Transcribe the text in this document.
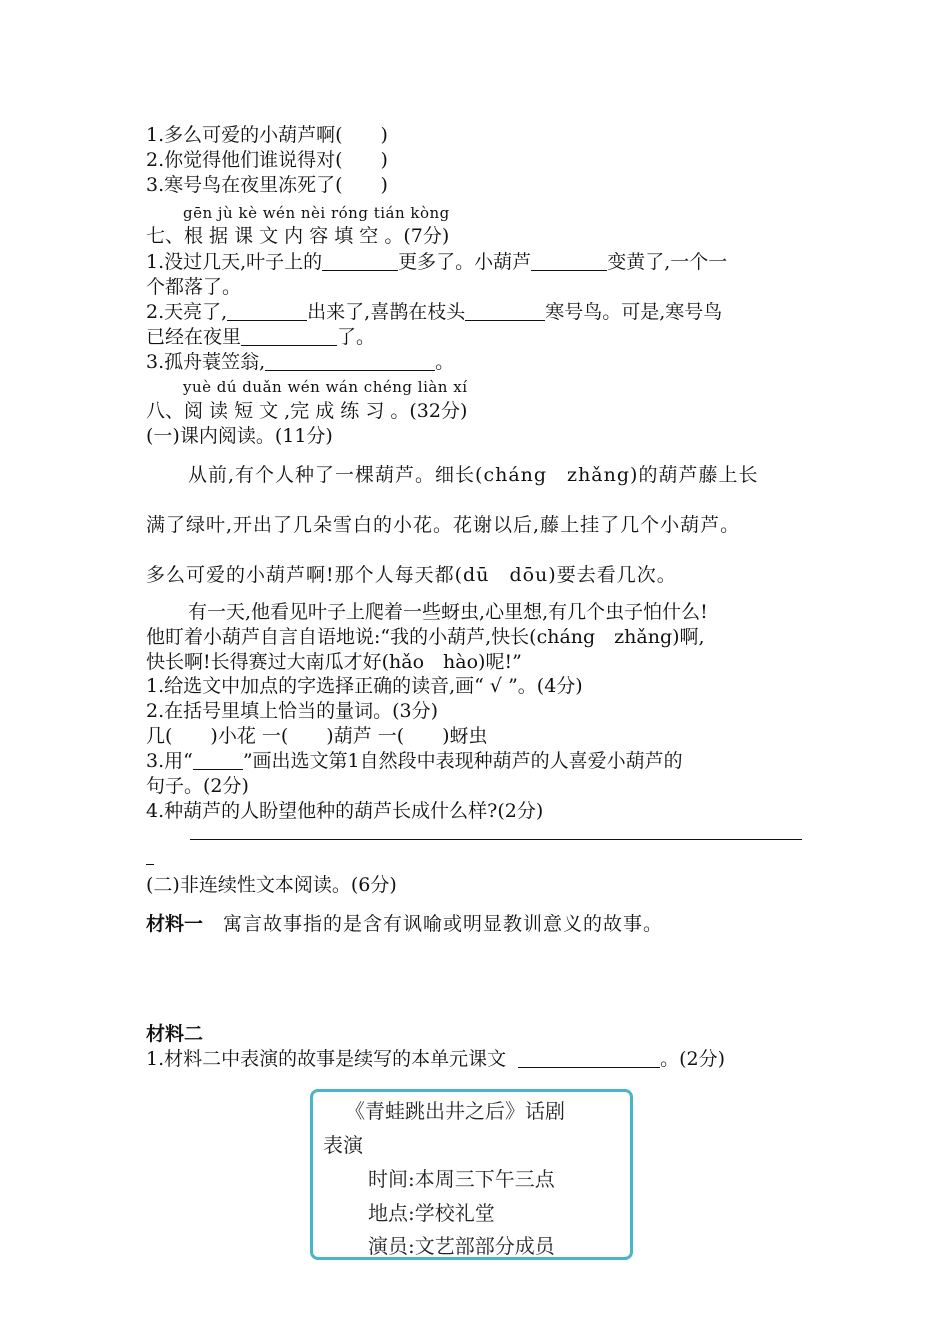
1.多么可爱的小葫芦啊(　　)
2.你觉得他们谁说得对(　　)
3.寒号鸟在夜里冻死了(　　)
gēn jù kè wén nèi róng tián kòng
七、根 据 课 文 内 容 填 空 。(7分)
1.没过几天,叶子上的	更多了。小葫芦	变黄了,一个一
个都落了。
2.天亮了,	出来了,喜鹊在枝头	寒号鸟。可是,寒号鸟
已经在夜里	了。
3.孤舟蓑笠翁,	。
yuè dú duǎn wén wán chéng liàn xí
八、阅 读 短 文 ,完 成 练 习 。(32分)
(一)课内阅读。(11分)
从前,有个人种了一棵葫芦。细长(cháng　zhǎng)的葫芦藤上长
满了绿叶,开出了几朵雪白的小花。花谢以后,藤上挂了几个小葫芦。
多么可爱的小葫芦啊!那个人每天都(dū　dōu)要去看几次。
有一天,他看见叶子上爬着一些蚜虫,心里想,有几个虫子怕什么!
他盯着小葫芦自言自语地说:“我的小葫芦,快长(cháng　zhǎng)啊,
快长啊!长得赛过大南瓜才好(hǎo　hào)呢!”
1.给选文中加点的字选择正确的读音,画“ √ ”。(4分)
2.在括号里填上恰当的量词。(3分)
几(　　)小花 一(　　)葫芦 一(　　)蚜虫
3.用“	”画出选文第1自然段中表现种葫芦的人喜爱小葫芦的
句子。(2分)
4.种葫芦的人盼望他种的葫芦长成什么样?(2分)
(二)非连续性文本阅读。(6分)
材料一 寓言故事指的是含有讽喻或明显教训意义的故事。
材料二
1.材料二中表演的故事是续写的本单元课文	。(2分)
《青蛙跳出井之后》话剧
表演
时间:本周三下午三点
地点:学校礼堂
演员:文艺部部分成员
